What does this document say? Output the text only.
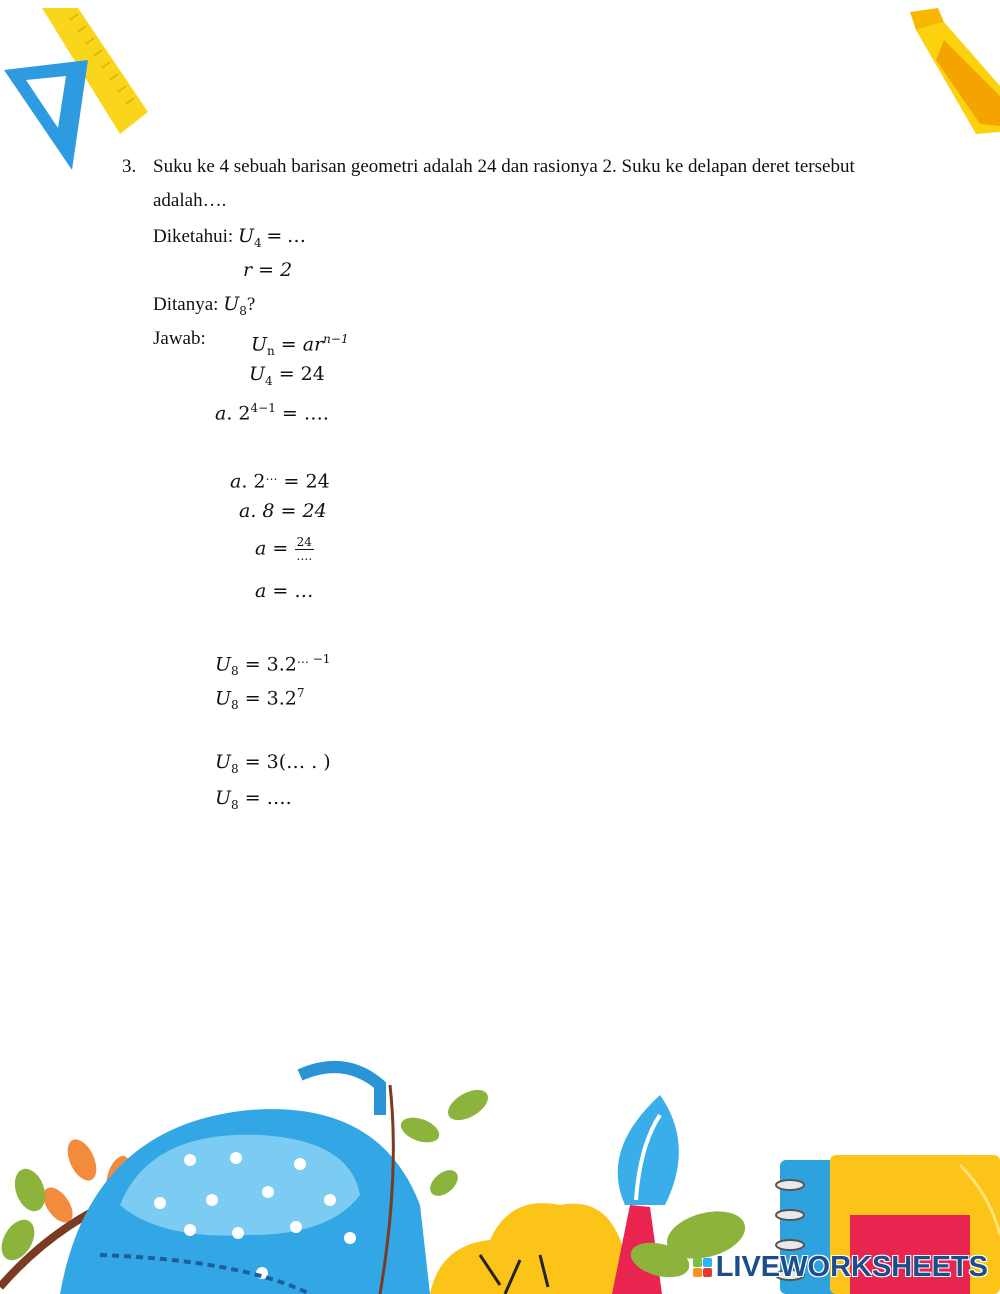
LIVEWORKSHEETS
3. Suku ke 4 sebuah barisan geometri adalah 24 dan rasionya 2. Suku ke delapan deret tersebut
adalah….
Diketahui: $U_4$ = …
r = 2
Ditanya: $U_8$?
Jawab: $U_n = ar^{n-1}$
$U_4 = 24$
a. $2^{4-1}$ = ….
a. 2… = 24
a. 8 = 24
$a = \frac{24}{\dots.}$
a = …
$U_8 = 3.2^{\dots -1}$
$U_8 = 3.2^7$
$U_8$ = 3(… . )
$U_8$ = ….
